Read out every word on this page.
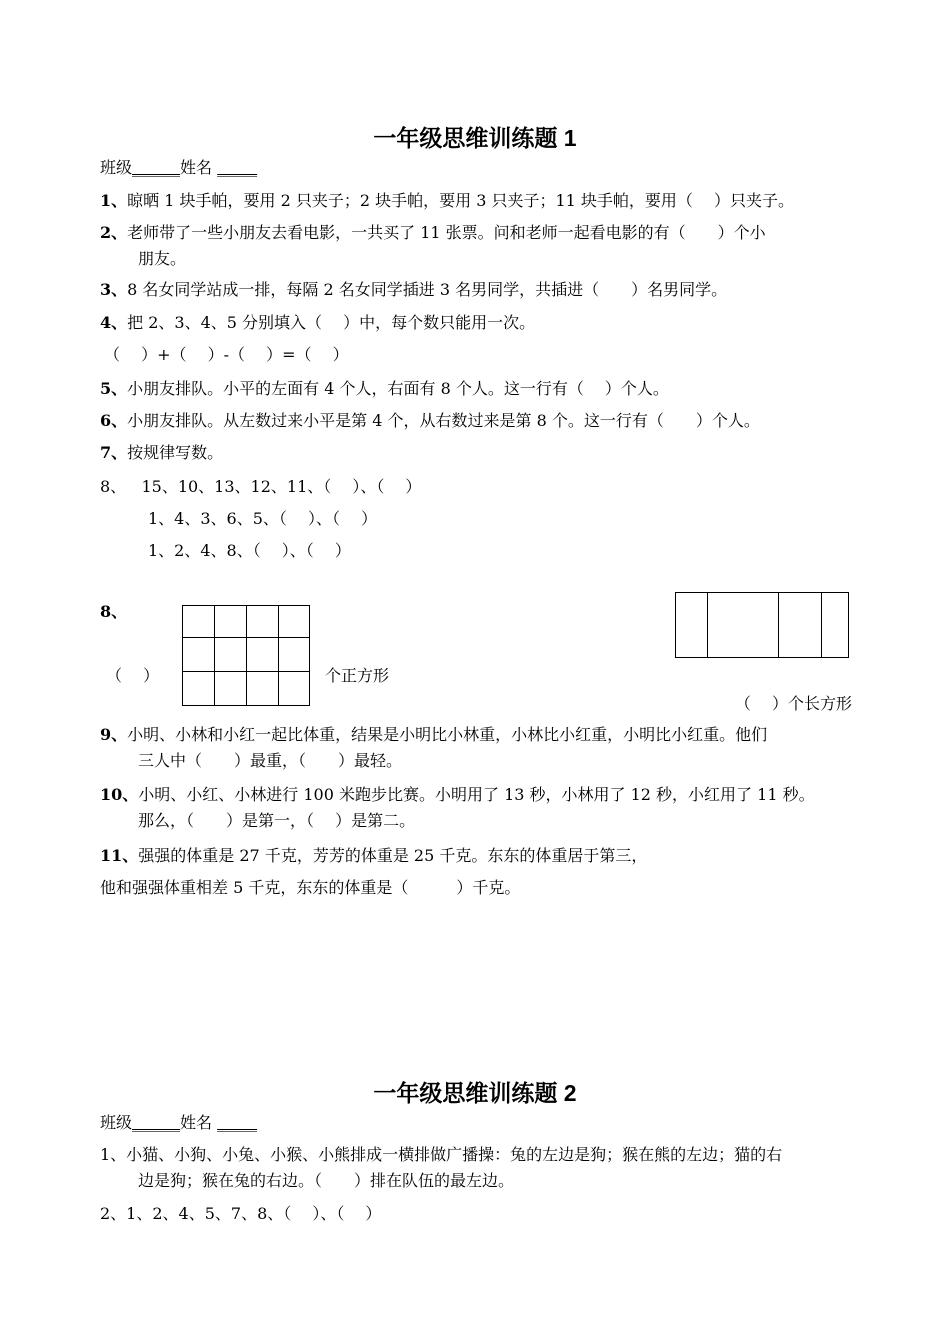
一年级思维训练题 1
班级______姓名 _____
1、晾晒 1 块手帕，要用 2 只夹子；2 块手帕，要用 3 只夹子；11 块手帕，要用（　 ）只夹子。
2、老师带了一些小朋友去看电影，一共买了 11 张票。问和老师一起看电影的有（　　）个小
朋友。
3、8 名女同学站成一排，每隔 2 名女同学插进 3 名男同学，共插进（　　）名男同学。
4、把 2、3、4、5 分别填入（　 ）中，每个数只能用一次。
（　 ）+（　 ）-（　 ）=（　 ）
5、小朋友排队。小平的左面有 4 个人，右面有 8 个人。这一行有（　 ）个人。
6、小朋友排队。从左数过来小平是第 4 个，从右数过来是第 8 个。这一行有（　　）个人。
7、按规律写数。
8、 15、10、13、12、11、（　 ）、（　 ）
1、4、3、6、5、（　 ）、（　 ）
1、2、4、8、（　 ）、（　 ）
8、

（　 ）	个正方形

（　 ）个长方形
9、小明、小林和小红一起比体重，结果是小明比小林重，小林比小红重，小明比小红重。他们
三人中（　　）最重，（　　）最轻。
10、小明、小红、小林进行 100 米跑步比赛。小明用了 13 秒，小林用了 12 秒，小红用了 11 秒。
那么，（　　）是第一，（　 ）是第二。
11、强强的体重是 27 千克，芳芳的体重是 25 千克。东东的体重居于第三，
他和强强体重相差 5 千克，东东的体重是（　　　）千克。
一年级思维训练题 2
班级______姓名 _____
1、小猫、小狗、小兔、小猴、小熊排成一横排做广播操：兔的左边是狗；猴在熊的左边；猫的右
边是狗；猴在兔的右边。（　　）排在队伍的最左边。
2、1、2、4、5、7、8、（　 ）、（　 ）
